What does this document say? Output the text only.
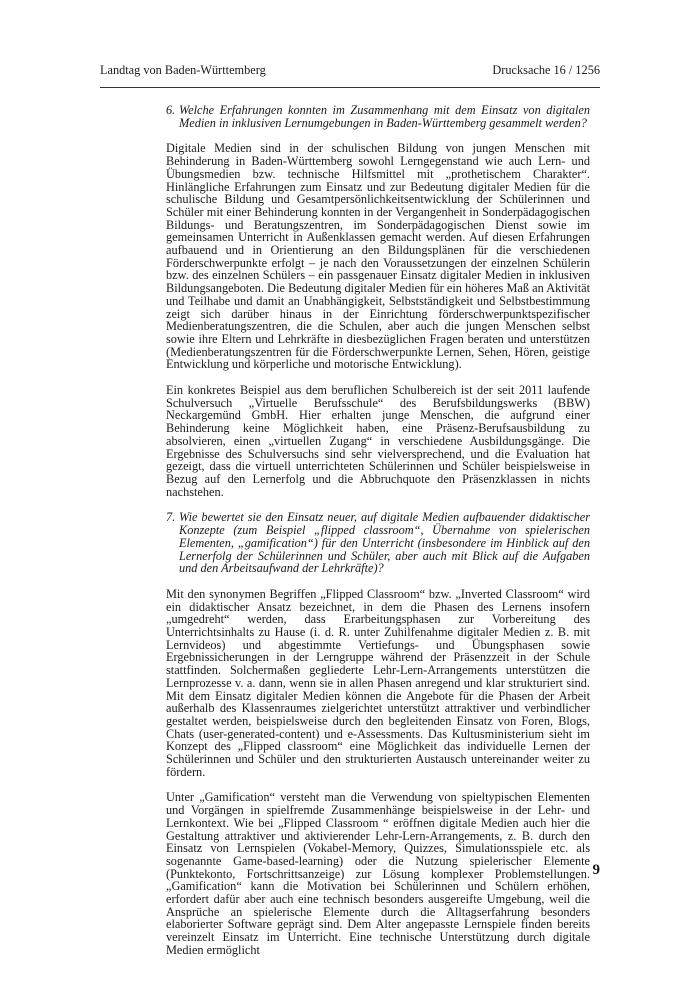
Landtag von Baden-Württemberg	Drucksache 16 / 1256

6. Welche Erfahrungen konnten im Zusammenhang mit dem Einsatz von digitalen Medien in inklusiven Lernumgebungen in Baden-Württemberg gesammelt werden?

Digitale Medien sind in der schulischen Bildung von jungen Menschen mit Behinderung in Baden-Württemberg sowohl Lerngegenstand wie auch Lern- und Übungsmedien bzw. technische Hilfsmittel mit „prothetischem Charakter“. Hinlängliche Erfahrungen zum Einsatz und zur Bedeutung digitaler Medien für die schulische Bildung und Gesamtpersönlichkeitsentwicklung der Schülerinnen und Schüler mit einer Behinderung konnten in der Vergangenheit in Sonderpädagogischen Bildungs- und Beratungszentren, im Sonderpädagogischen Dienst sowie im gemeinsamen Unterricht in Außenklassen gemacht werden. Auf diesen Erfahrungen aufbauend und in Orientierung an den Bildungsplänen für die verschiedenen Förderschwerpunkte erfolgt – je nach den Voraussetzungen der einzelnen Schülerin bzw. des einzelnen Schülers – ein passgenauer Einsatz digitaler Medien in inklusiven Bildungsangeboten. Die Bedeutung digitaler Medien für ein höheres Maß an Aktivität und Teilhabe und damit an Unabhängigkeit, Selbstständigkeit und Selbstbestimmung zeigt sich darüber hinaus in der Einrichtung förderschwerpunktspezifischer Medienberatungszentren, die die Schulen, aber auch die jungen Menschen selbst sowie ihre Eltern und Lehrkräfte in diesbezüglichen Fragen beraten und unterstützen (Medienberatungszentren für die Förderschwerpunkte Lernen, Sehen, Hören, geistige Entwicklung und körperliche und motorische Entwicklung).

Ein konkretes Beispiel aus dem beruflichen Schulbereich ist der seit 2011 laufende Schulversuch „Virtuelle Berufsschule“ des Berufsbildungswerks (BBW) Neckargemünd GmbH. Hier erhalten junge Menschen, die aufgrund einer Behinderung keine Möglichkeit haben, eine Präsenz-Berufsausbildung zu absolvieren, einen „virtuellen Zugang“ in verschiedene Ausbildungsgänge. Die Ergebnisse des Schulversuchs sind sehr vielversprechend, und die Evaluation hat gezeigt, dass die virtuell unterrichteten Schülerinnen und Schüler beispielsweise in Bezug auf den Lernerfolg und die Abbruchquote den Präsenzklassen in nichts nachstehen.

7. Wie bewertet sie den Einsatz neuer, auf digitale Medien aufbauender didaktischer Konzepte (zum Beispiel „flipped classroom“, Übernahme von spielerischen Elementen, „gamification“) für den Unterricht (insbesondere im Hinblick auf den Lernerfolg der Schülerinnen und Schüler, aber auch mit Blick auf die Aufgaben und den Arbeitsaufwand der Lehrkräfte)?

Mit den synonymen Begriffen „Flipped Classroom“ bzw. „Inverted Classroom“ wird ein didaktischer Ansatz bezeichnet, in dem die Phasen des Lernens insofern „umgedreht“ werden, dass Erarbeitungsphasen zur Vorbereitung des Unterrichtsinhalts zu Hause (i. d. R. unter Zuhilfenahme digitaler Medien z. B. mit Lernvideos) und abgestimmte Vertiefungs- und Übungsphasen sowie Ergebnissicherungen in der Lerngruppe während der Präsenzzeit in der Schule stattfinden. Solchermaßen gegliederte Lehr-Lern-Arrangements unterstützen die Lernprozesse v. a. dann, wenn sie in allen Phasen anregend und klar strukturiert sind. Mit dem Einsatz digitaler Medien können die Angebote für die Phasen der Arbeit außerhalb des Klassenraumes zielgerichtet unterstützt attraktiver und verbindlicher gestaltet werden, beispielsweise durch den begleitenden Einsatz von Foren, Blogs, Chats (user-generated-content) und e-Assessments. Das Kultusministerium sieht im Konzept des „Flipped classroom“ eine Möglichkeit das individuelle Lernen der Schülerinnen und Schüler und den strukturierten Austausch untereinander weiter zu fördern.

Unter „Gamification“ versteht man die Verwendung von spieltypischen Elementen und Vorgängen in spielfremde Zusammenhänge beispielsweise in der Lehr- und Lernkontext. Wie bei „Flipped Classroom “ eröffnen digitale Medien auch hier die Gestaltung attraktiver und aktivierender Lehr-Lern-Arrangements, z. B. durch den Einsatz von Lernspielen (Vokabel-Memory, Quizzes, Simulationsspiele etc. als sogenannte Game-based-learning) oder die Nutzung spielerischer Elemente (Punktekonto, Fortschrittsanzeige) zur Lösung komplexer Problemstellungen. „Gamification“ kann die Motivation bei Schülerinnen und Schülern erhöhen, erfordert dafür aber auch eine technisch besonders ausgereifte Umgebung, weil die Ansprüche an spielerische Elemente durch die Alltagserfahrung besonders elaborierter Software geprägt sind. Dem Alter angepasste Lernspiele finden bereits vereinzelt Einsatz im Unterricht. Eine technische Unterstützung durch digitale Medien ermöglicht

9
